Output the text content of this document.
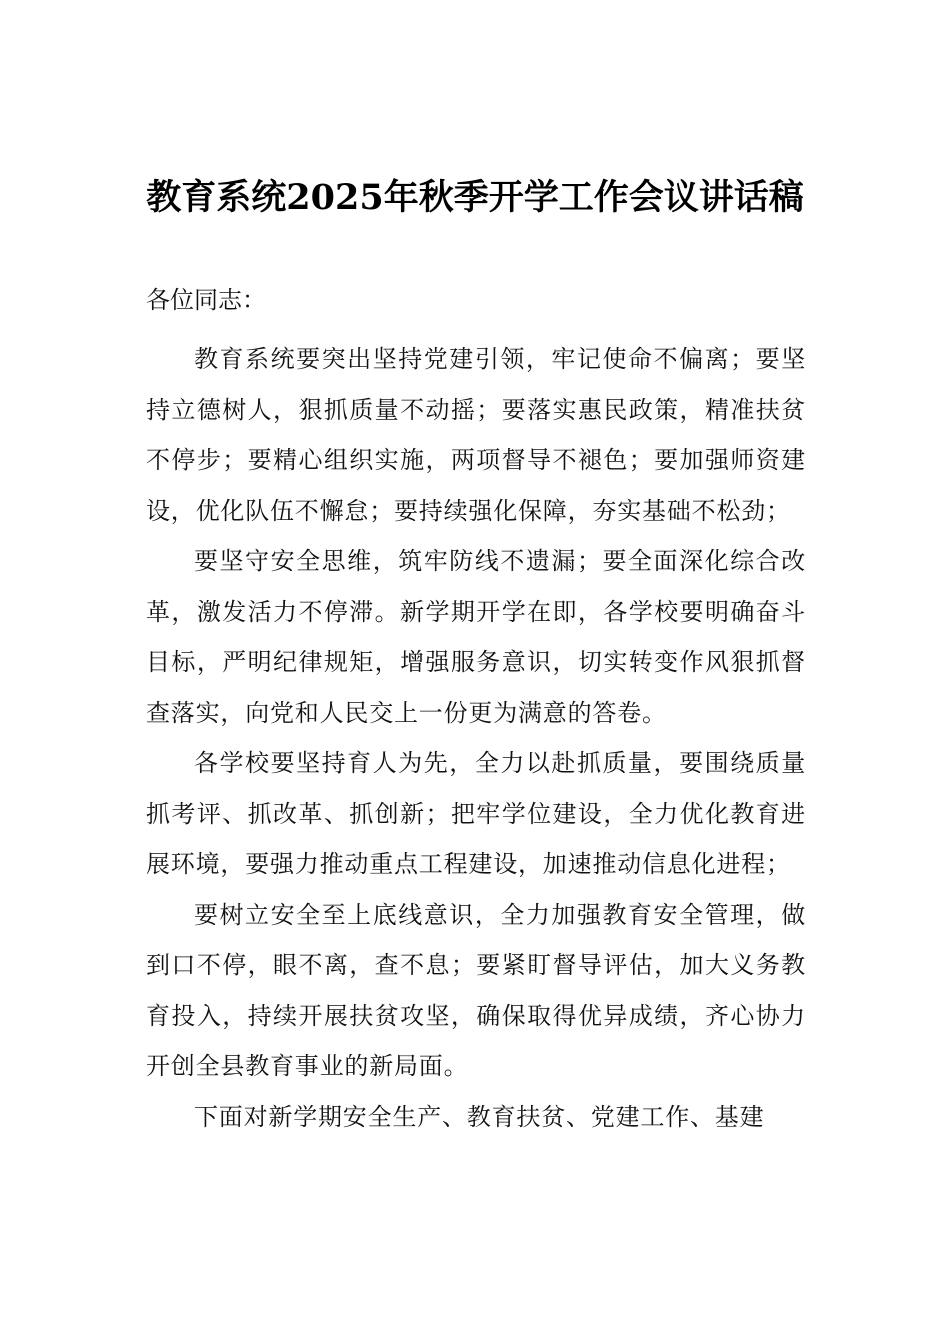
教育系统2025年秋季开学工作会议讲话稿

各位同志：

教育系统要突出坚持党建引领，牢记使命不偏离；要坚持立德树人，狠抓质量不动摇；要落实惠民政策，精准扶贫不停步；要精心组织实施，两项督导不褪色；要加强师资建设，优化队伍不懈怠；要持续强化保障，夯实基础不松劲；

要坚守安全思维，筑牢防线不遗漏；要全面深化综合改革，激发活力不停滞。新学期开学在即，各学校要明确奋斗目标，严明纪律规矩，增强服务意识，切实转变作风狠抓督查落实，向党和人民交上一份更为满意的答卷。

各学校要坚持育人为先，全力以赴抓质量，要围绕质量抓考评、抓改革、抓创新；把牢学位建设，全力优化教育进展环境，要强力推动重点工程建设，加速推动信息化进程；

要树立安全至上底线意识，全力加强教育安全管理，做到口不停，眼不离，查不息；要紧盯督导评估，加大义务教育投入，持续开展扶贫攻坚，确保取得优异成绩，齐心协力开创全县教育事业的新局面。

下面对新学期安全生产、教育扶贫、党建工作、基建
